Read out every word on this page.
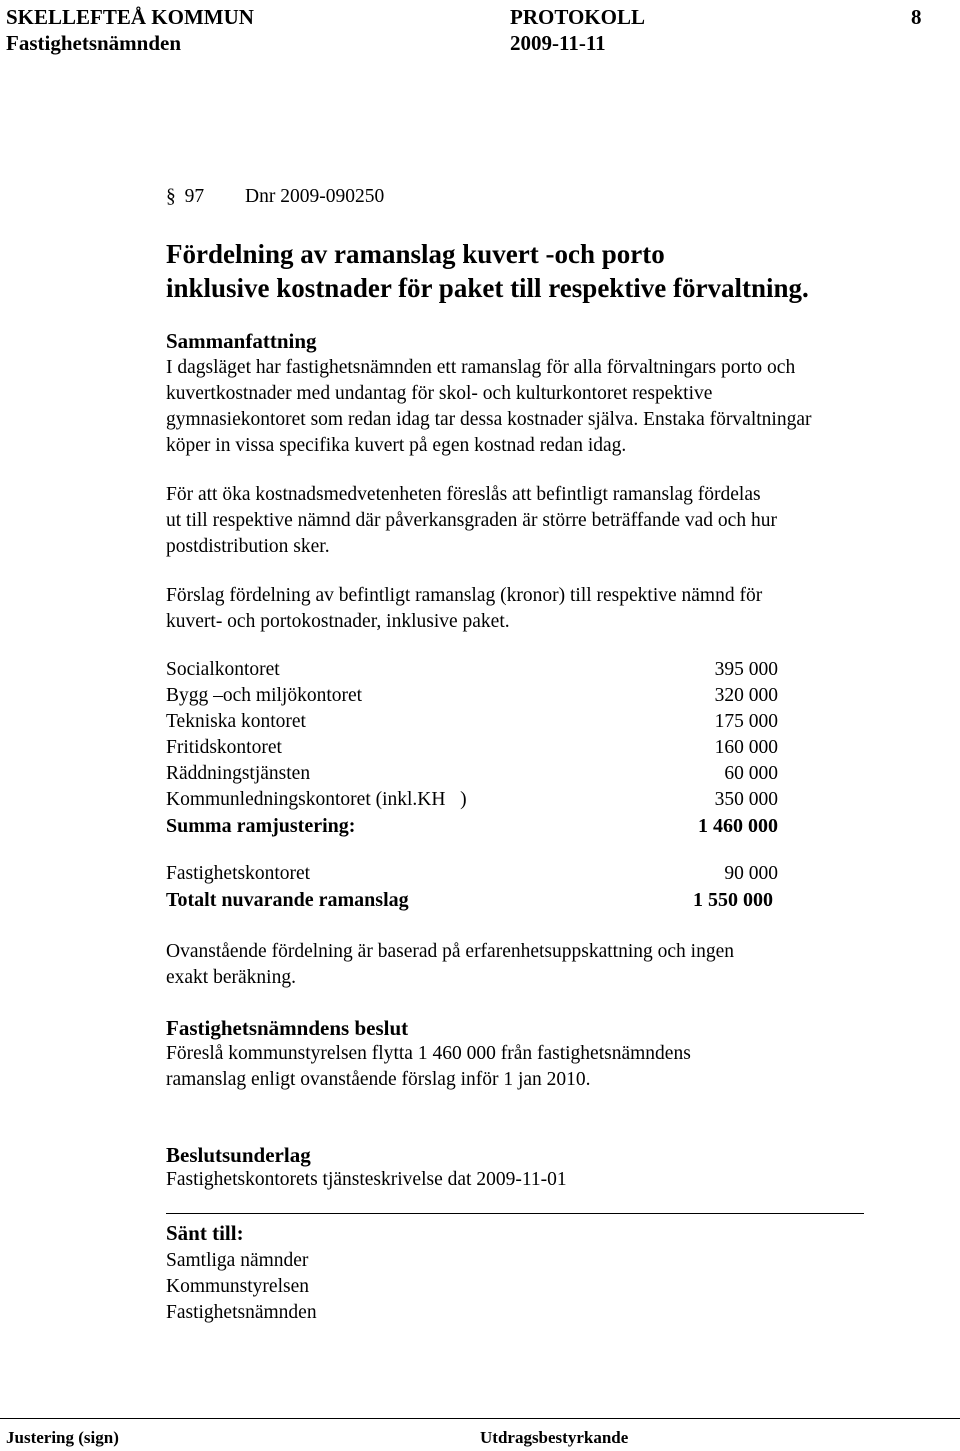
SKELLEFTEÅ KOMMUN	PROTOKOLL	8
Fastighetsnämnden	2009-11-11
§ 97 Dnr 2009-090250
Fördelning av ramanslag kuvert -och porto
inklusive kostnader för paket till respektive förvaltning.
Sammanfattning
I dagsläget har fastighetsnämnden ett ramanslag för alla förvaltningars porto och
kuvertkostnader med undantag för skol- och kulturkontoret respektive
gymnasiekontoret som redan idag tar dessa kostnader själva. Enstaka förvaltningar
köper in vissa specifika kuvert på egen kostnad redan idag.
För att öka kostnadsmedvetenheten föreslås att befintligt ramanslag fördelas
ut till respektive nämnd där påverkansgraden är större beträffande vad och hur
postdistribution sker.
Förslag fördelning av befintligt ramanslag (kronor) till respektive nämnd för
kuvert- och portokostnader, inklusive paket.
Socialkontoret	395 000
Bygg –och miljökontoret	320 000
Tekniska kontoret	175 000
Fritidskontoret	160 000
Räddningstjänsten	60 000
Kommunledningskontoret (inkl.KH   )	350 000
Summa ramjustering:	1 460 000
Fastighetskontoret	90 000
Totalt nuvarande ramanslag	1 550 000
Ovanstående fördelning är baserad på erfarenhetsuppskattning och ingen
exakt beräkning.
Fastighetsnämndens beslut
Föreslå kommunstyrelsen flytta 1 460 000 från fastighetsnämndens
ramanslag enligt ovanstående förslag inför 1 jan 2010.
Beslutsunderlag
Fastighetskontorets tjänsteskrivelse dat 2009-11-01
Sänt till:
Samtliga nämnder
Kommunstyrelsen
Fastighetsnämnden
Justering (sign)	Utdragsbestyrkande
